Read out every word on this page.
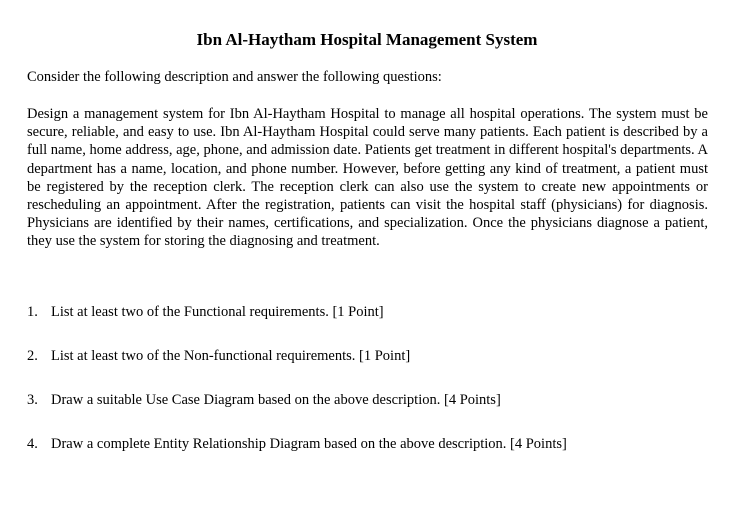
Ibn Al-Haytham Hospital Management System

Consider the following description and answer the following questions:

Design a management system for Ibn Al-Haytham Hospital to manage all hospital operations. The system must be secure, reliable, and easy to use. Ibn Al-Haytham Hospital could serve many patients. Each patient is described by a full name, home address, age, phone, and admission date. Patients get treatment in different hospital's departments. A department has a name, location, and phone number. However, before getting any kind of treatment, a patient must be registered by the reception clerk. The reception clerk can also use the system to create new appointments or rescheduling an appointment. After the registration, patients can visit the hospital staff (physicians) for diagnosis. Physicians are identified by their names, certifications, and specialization. Once the physicians diagnose a patient, they use the system for storing the diagnosing and treatment.

1. List at least two of the Functional requirements. [1 Point]
2. List at least two of the Non-functional requirements. [1 Point]
3. Draw a suitable Use Case Diagram based on the above description. [4 Points]
4. Draw a complete Entity Relationship Diagram based on the above description. [4 Points]
